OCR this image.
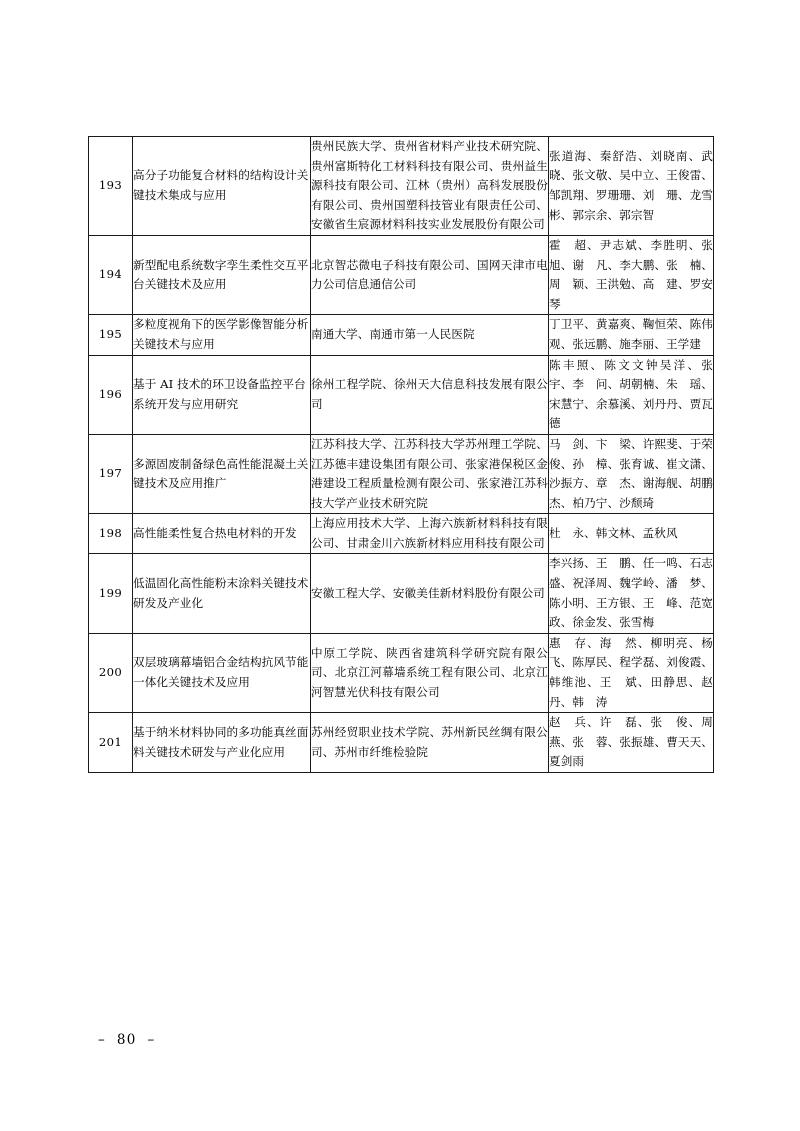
193	高分子功能复合材料的结构设计关键技术集成与应用	贵州民族大学、贵州省材料产业技术研究院、贵州富斯特化工材料科技有限公司、贵州益生源科技有限公司、江林（贵州）高科发展股份有限公司、贵州国塑科技管业有限责任公司、安徽省生宸源材料科技实业发展股份有限公司	张道海、秦舒浩、刘晓南、武　晓、张文敬、吴中立、王俊雷、邹凯翔、罗珊珊、刘　珊、龙雪彬、郭宗余、郭宗智
194	新型配电系统数字孪生柔性交互平台关键技术及应用	北京智芯微电子科技有限公司、国网天津市电力公司信息通信公司	霍　超、尹志斌、李胜明、张　旭、谢　凡、李大鹏、张　楠、周　颖、王洪勉、高　建、罗安琴
195	多粒度视角下的医学影像智能分析关键技术与应用	南通大学、南通市第一人民医院	丁卫平、黄嘉爽、鞠恒荣、陈伟观、张远鹏、施李丽、王学建
196	基于 AI 技术的环卫设备监控平台系统开发与应用研究	徐州工程学院、徐州天大信息科技发展有限公司	陈丰照、陈文文钟吴洋、张　宇、李　问、胡朝楠、朱　瑶、宋慧宁、余慕溪、刘丹丹、贾瓦德
197	多源固废制备绿色高性能混凝土关键技术及应用推广	江苏科技大学、江苏科技大学苏州理工学院、江苏德丰建设集团有限公司、张家港保税区金港建设工程质量检测有限公司、张家港江苏科技大学产业技术研究院	马　剑、卞　梁、许熙斐、于荣俊、孙　樟、张育诚、崔文潇、沙振方、章　杰、谢海舰、胡鹏杰、柏乃宁、沙颓琦
198	高性能柔性复合热电材料的开发	上海应用技术大学、上海六族新材料科技有限公司、甘肃金川六族新材料应用科技有限公司	杜　永、韩文林、孟秋风
199	低温固化高性能粉末涂料关键技术研发及产业化	安徽工程大学、安徽美佳新材料股份有限公司	李兴扬、王　鹏、任一鸣、石志盛、祝泽周、魏学岭、潘　梦、陈小明、王方银、王　峰、范宽政、徐金发、张雪梅
200	双层玻璃幕墙铝合金结构抗风节能一体化关键技术及应用	中原工学院、陕西省建筑科学研究院有限公司、北京江河幕墙系统工程有限公司、北京江河智慧光伏科技有限公司	惠　存、海　然、柳明亮、杨　飞、陈厚民、程学磊、刘俊霞、韩维池、王　斌、田静思、赵　丹、韩　涛
201	基于纳米材料协同的多功能真丝面料关键技术研发与产业化应用	苏州经贸职业技术学院、苏州新民丝绸有限公司、苏州市纤维检验院	赵　兵、许　磊、张　俊、周　燕、张　蓉、张振雄、曹天天、夏剑雨
–  80  –
